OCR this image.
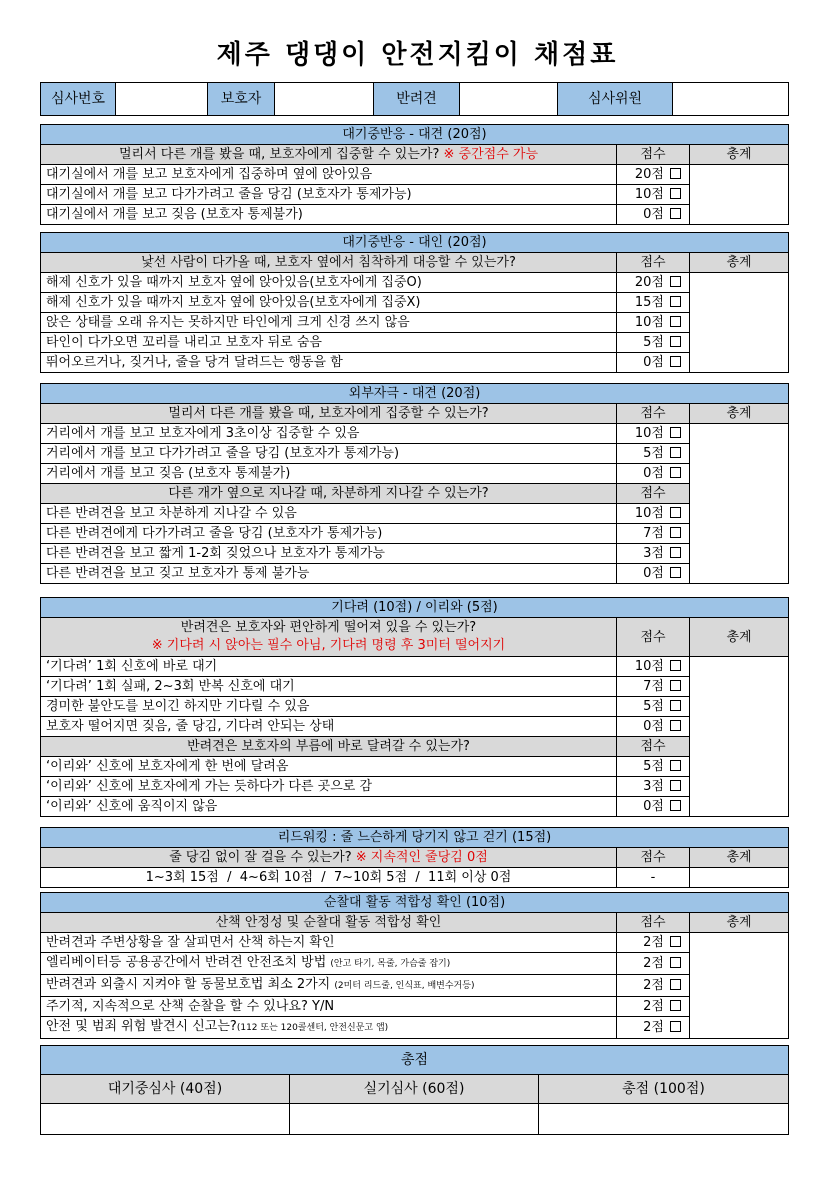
제주 댕댕이 안전지킴이 채점표
심사번호		보호자		반려견		심사위원	
대기중반응 - 대견 (20점)		
멀리서 다른 개를 봤을 때, 보호자에게 집중할 수 있는가? ※ 중간점수 가능	점수	총계
대기실에서 개를 보고 보호자에게 집중하며 옆에 앉아있음	20점	
대기실에서 개를 보고 다가가려고 줄을 당김 (보호자가 통제가능)	10점	
대기실에서 개를 보고 짖음 (보호자 통제불가)	0점	
대기중반응 - 대인 (20점)		
낯선 사람이 다가올 때, 보호자 옆에서 침착하게 대응할 수 있는가?	점수	총계
해제 신호가 있을 때까지 보호자 옆에 앉아있음(보호자에게 집중O)	20점	
해제 신호가 있을 때까지 보호자 옆에 앉아있음(보호자에게 집중X)	15점	
앉은 상태를 오래 유지는 못하지만 타인에게 크게 신경 쓰지 않음	10점	
타인이 다가오면 꼬리를 내리고 보호자 뒤로 숨음	5점	
뛰어오르거나, 짖거나, 줄을 당겨 달려드는 행동을 함	0점	
외부자극 - 대견 (20점)		
멀리서 다른 개를 봤을 때, 보호자에게 집중할 수 있는가?	점수	총계
거리에서 개를 보고 보호자에게 3초이상 집중할 수 있음	10점	
거리에서 개를 보고 다가가려고 줄을 당김 (보호자가 통제가능)	5점	
거리에서 개를 보고 짖음 (보호자 통제불가)	0점	
다른 개가 옆으로 지나갈 때, 차분하게 지나갈 수 있는가?	점수	
다른 반려견을 보고 차분하게 지나갈 수 있음	10점	
다른 반려견에게 다가가려고 줄을 당김 (보호자가 통제가능)	7점	
다른 반려견을 보고 짧게 1-2회 짖었으나 보호자가 통제가능	3점	
다른 반려견을 보고 짖고 보호자가 통제 불가능	0점	
기다려 (10점) / 이리와 (5점)		

반려견은 보호자와 편안하게 떨어져 있을 수 있는가?
※ 기다려 시 앉아는 필수 아님, 기다려 명령 후 3미터 떨어지기	점수	총계
‘기다려’ 1회 신호에 바로 대기	10점	
‘기다려’ 1회 실패, 2~3회 반복 신호에 대기	7점	
경미한 불안도를 보이긴 하지만 기다릴 수 있음	5점	
보호자 떨어지면 짖음, 줄 당김, 기다려 안되는 상태	0점	
반려견은 보호자의 부름에 바로 달려갈 수 있는가?	점수	
‘이리와’ 신호에 보호자에게 한 번에 달려옴	5점	
‘이리와’ 신호에 보호자에게 가는 듯하다가 다른 곳으로 감	3점	
‘이리와’ 신호에 움직이지 않음	0점	
리드워킹 : 줄 느슨하게 당기지 않고 걷기 (15점)		
줄 당김 없이 잘 걸을 수 있는가? ※ 지속적인 줄당김 0점	점수	총계
1~3회 15점  /  4~6회 10점  /  7~10회 5점  /  11회 이상 0점	-	
순찰대 활동 적합성 확인 (10점)		
산책 안정성 및 순찰대 활동 적합성 확인	점수	총계
반려견과 주변상황을 잘 살피면서 산책 하는지 확인	2점	
엘리베이터등 공용공간에서 반려견 안전조치 방법 (안고 타기, 목줄, 가슴줄 잡기)	2점	
반려견과 외출시 지켜야 할 동물보호법 최소 2가지 (2미터 리드줄, 인식표, 배변수거등)	2점	
주기적, 지속적으로 산책 순찰을 할 수 있나요? Y/N	2점	
안전 및 범죄 위험 발견시 신고는?(112 또는 120콜센터, 안전신문고 앱)	2점	
총점		
대기중심사 (40점)	실기심사 (60점)	총점 (100점)
